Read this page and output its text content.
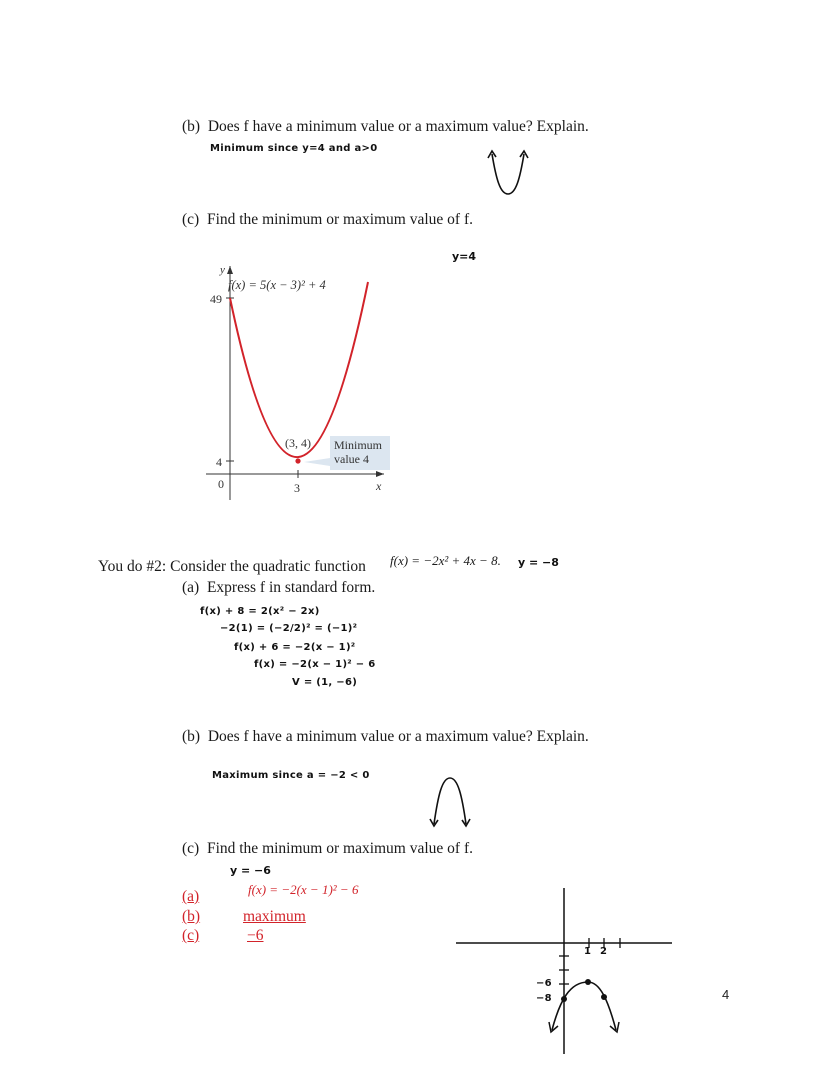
(b) Does f have a minimum value or a maximum value? Explain.
Minimum since y=4 and a>0
(c) Find the minimum or maximum value of f.
y=4
f(x) = 5(x − 3)² + 4
y
49
4
0	3	x
(3, 4) Minimum value 4
You do #2: Consider the quadratic function f(x) = −2x² + 4x − 8. y = −8
(a) Express f in standard form.
f(x) + 8 = 2(x² − 2x)
−2(1) = (−2/2)² = (−1)²
f(x) + 6 = −2(x − 1)²
f(x) = −2(x − 1)² − 6
V = (1, −6)
(b) Does f have a minimum value or a maximum value? Explain.
Maximum since a = −2 < 0
(c) Find the minimum or maximum value of f.
y = −6
(a)	f(x) = −2(x − 1)² − 6
(b)	maximum
(c)	−6
1 2
−6
−8	4
